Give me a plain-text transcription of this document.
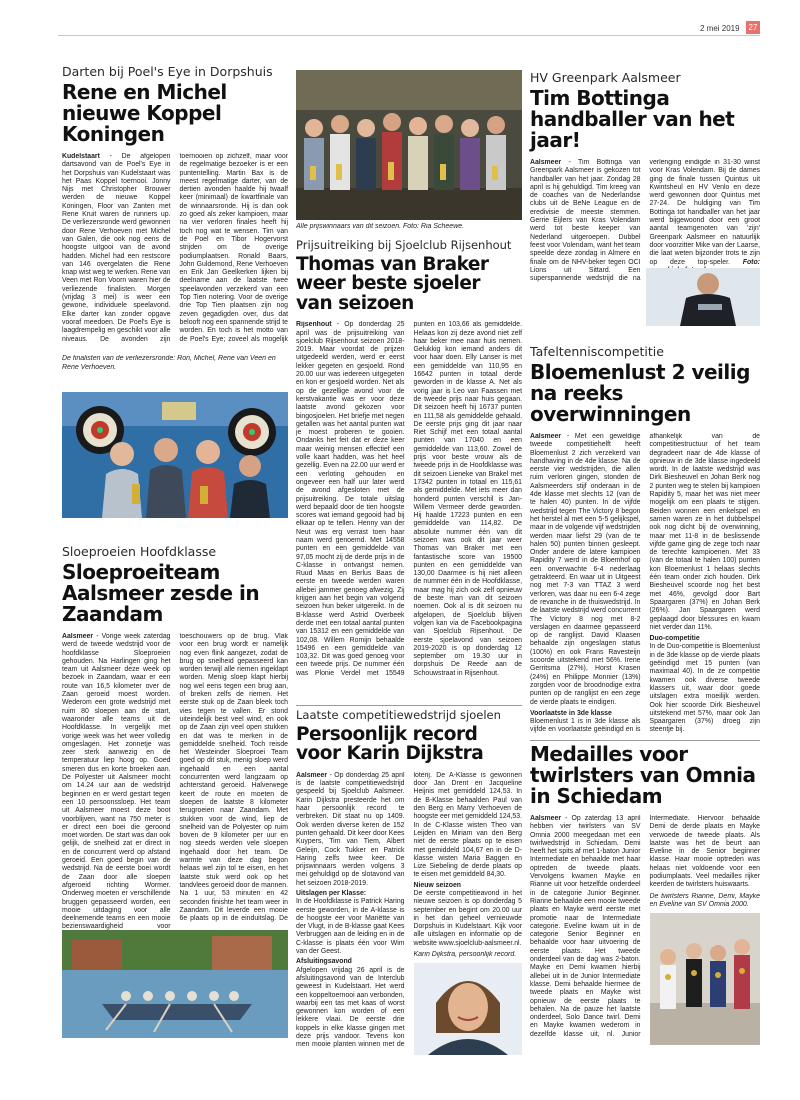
2 mei 2019	27
Darten bij Poel's Eye in Dorpshuis
Rene en Michel nieuwe Koppel Koningen
Kudelstaart - De afgelopen dartsavond van de Poel's Eye in het Dorpshuis van Kudelstaart was het Paas Koppel toernooi. Jonny Nijs met Christopher Brouwer werden de nieuwe Koppel Koningen, Floor van Zanten met Rene Kruit waren de runners up. De verliezersronde werd gewonnen door Rene Verhoeven met Michel van Galen, die ook nog eens de hoogste uitgooi van de avond hadden. Michel had een restscore van 146 overgelaten die Rene knap wist weg te werken. Rene van Veen met Ron Voorn waren hier de verliezende finalisten. Morgen (vrijdag 3 mei) is weer een gewone, individuele speelavond. Elke darter kan zonder opgave vooraf meedoen. De Poel's Eye is laagdrempelig en geschikt voor alle niveaus. De avonden zijn toernooien op zichzelf, maar voor de regelmatige bezoeker is er een puntentelling. Martin Bax is de meest regelmatige darter, van de dertien avonden haalde hij twaalf keer (minimaal) de kwartfinale van de winnaarsronde. Hij is dan ook zo goed als zeker kampioen, maar na vier verloren finales heeft hij toch nog wat te wensen. Tim van de Poel en Tibor Hogervorst strijden om de overige podiumplaatsen. Ronald Baars, John Guldemond, Rene Verhoeven en Erik Jan Geelkerken lijken bij deelname aan de laatste twee speelavonden verzekerd van een Top Tien notering. Voor de overige drie Top Tien plaatsen zijn nog zeven gegadigden over, dus dat belooft nog een spannende strijd te worden. En toch is het motto van de Poel's Eye; zoveel als mogelijk
De finalisten van de verliezersronde: Ron, Michel, Rene van Veen en Rene Verhoeven.
Alle prijswinnaars van dit seizoen. Foto: Ria Scheewe.
Prijsuitreiking bij Sjoelclub Rijsenhout
Thomas van Braker weer beste sjoeler van seizoen
Rijsenhout - Op donderdag 25 april was de prijsuitreiking van sjoelclub Rijsenhout seizoen 2018-2019. Maar voordat de prijzen uitgedeeld werden, werd er eerst lekker gegeten en gesjoeld. Rond 20.00 uur was iedereen uitgegeten en kon er gesjoeld worden. Net als op de gezellige avond voor de kerstvakantie was er voor deze laatste avond gekozen voor bingosjoelen. Het briefje met negen getallen was het aantal punten wat je moest proberen te gooien. Ondanks het feit dat er deze keer maar weinig mensen effectief een volle kaart hadden, was het heel gezellig. Even na 22.00 uur werd er een verloting gehouden en ongeveer een half uur later werd de avond afgesloten met de prijsuitreiking. De totale uitslag werd bepaald door de tien hoogste scores wat iemand gegooid had bij elkaar op te tellen. Henny van der Neut was erg verrast toen haar naam werd genoemd. Met 14558 punten en een gemiddelde van 97,05 mocht zij de derde prijs in de C-klasse in ontvangst nemen. Ruud Maas en Berlus Baas de eerste en tweede werden waren allebei jammer genoeg afwezig. Zij krijgen aan het begin van volgend seizoen hun beker uitgereikt. In de B-klasse werd Astrid Overbeek derde met een totaal aantal punten van 15312 en een gemiddelde van 102,08. Willem Romijn behaalde 15496 en een gemiddelde van 103,32. Dit was goed genoeg voor een tweede prijs. De nummer één was Plonie Verdel met 15549 punten en 103,66 als gemiddelde. Helaas kon zij deze avond niet zelf haar beker mee naar huis nemen. Gelukkig kon iemand anders dit voor haar doen. Elly Lanser is met een gemiddelde van 110,95 en 16642 punten in totaal derde geworden in de klasse A. Net als vorig jaar is Leo van Faassen met de tweede prijs naar huis gegaan. Dit seizoen heeft hij 16737 punten en 111,58 als gemiddelde gehaald. De eerste prijs ging dit jaar naar Riet Schijf met een totaal aantal punten van 17040 en een gemiddelde van 113,60. Zowel de prijs voor beste vrouw als de tweede prijs in de Hoofdklasse was dit seizoen Lieneke van Brakel met 17342 punten in totaal en 115,61 als gemiddelde. Met iets meer dan honderd punten verschil is Jan-Willem Vermeer derde geworden. Hij haalde 17223 punten en een gemiddelde van 114,82. De absolute nummer één van dit seizoen was ook dit jaar weer Thomas van Braker met een fantastische score van 19500 punten en een gemiddelde van 130,00 Daarmee is hij niet alleen de nummer één in de Hoofdklasse, maar mag hij zich ook zelf opnieuw de beste man van dit seizoen noemen. Ook al is dit seizoen nu afgelopen, de Sjoelclub blijven volgen kan via de Facebookpagina van Sjoelclub Rijsenhout. De eerste sjoelavond van seizoen 2019-2020 is op donderdag 12 september om 19.30 uur in dorpshuis De Reede aan de Schouwstraat in Rijsenhout.
HV Greenpark Aalsmeer
Tim Bottinga handballer van het jaar!
Aalsmeer - Tim Bottinga van Greenpark Aalsmeer is gekozen tot handballer van het jaar. Zondag 28 april is hij gehuldigd. Tim kreeg van de coaches van de Nederlandse clubs uit de BeNe League en de eredivisie de meeste stemmen. Gerrie Eijlers van Kras Volendam werd tot beste keeper van Nederland uitgeroepen. Dubbel feest voor Volendam, want het team speelde deze zondag in Almere en finale om de NHV-beker tegen OCI Lions uit Sittard. Een superspannende wedstrijd die na verlenging eindigde in 31-30 winst voor Kras Volendam. Bij de dames ging de finale tussen Quintus uit Kwintsheul en HV Venlo en deze werd gewonnen door Quintus met 27-24. De huldiging van Tim Bottinga tot handballer van het jaar werd bijgewoond door een groot aantal teamgenoten van 'zijn' Greenpark Aalsmeer en natuurlijk door voorzitter Mike van der Laarse, die laat weten bijzonder trots te zijn op deze top-speler. Foto:
Tafeltenniscompetitie
Bloemenlust 2 veilig na reeks overwinningen
Aalsmeer - Met een geweldige tweede competitiehelft heeft Bloemenlust 2 zich verzekerd van handhaving in de 4de klasse. Na de eerste vier wedstrijden, die allen ruim verloren gingen, stonden de Aalsmeerders stijf onderaan in de 4de klasse met slechts 12 (van de te halen 40) punten. In de vijfde wedstrijd tegen The Victory 8 begon het herstel al met een 5-5 gelijkspel, maar in de volgende vijf wedstrijden werden maar liefst 29 (van de te halen 50) punten binnen gesleept. Onder andere de latere kampioen Rapidity 7 werd in de Bloemhof op een onverwachte 6-4 nederlaag getrakteerd. En waar uit in Uitgeest nog met 7-3 van TTAZ 3 werd verloren, was daar nu een 6-4 zege de revanche in de thuiswedstrijd. In de laatste wedstrijd werd concurrent The Victory 8 nog met 8-2 verslagen en daarmee gepasseerd op de ranglijst. David Klaasen behaalde zijn ongeslagen status (100%) en ook Frans Ravesteijn scoorde uitstekend met 56%. Irene Gerritsma (27%), Horst Krasen (24%) en Philippe Monnier (13%) zorgden voor de broodnodige extra punten op de ranglijst en een zege de vierde plaats te eindigen.
Voorlaatste in 3de klasse
Bloemenlust 1 is in 3de klasse als vijfde en voorlaatste geëindigd en is afhankelijk van de competitiestructuur of het team degradeert naar de 4de klasse of opnieuw in de 3de klasse ingedeeld wordt. In de laatste wedstrijd was Dirk Biesheuvel en Johan Berk nog 2 punten weg te stelen bij kampioen Rapidity 5, maar het was niet meer mogelijk om een plaats te stijgen. Beiden wonnen een enkelspel en samen waren ze in het dubbelspel ook nog dicht bij de overwinning, maar met 11-8 in de beslissende vijfde game ging de zege toch naar de terechte kampioenen. Met 33 (van de totaal te halen 100) punten kon Bloemenlust 1 helaas slechts één team onder zich houden. Dirk Biesheuvel scoorde nog het best met 46%, gevolgd door Bart Spaargaren (37%) en Johan Berk (26%). Jan Spaargaren werd geplaagd door blessures en kwam niet verder dan 11%.
Duo-competitie
In de Duo-competitie is Bloemenlust in de 3de klasse op de vierde plaats geëindigd met 15 punten (van maximaal 40). In de ze competitie kwamen ook diverse tweede klassers uit, waar door goede uitslagen extra moeilijk werden. Ook hier scoorde Dirk Biesheuvel uitstekend met 57%, maar ook Jan Spaargaren (37%) droeg zijn steentje bij.
Sloeproeien Hoofdklasse
Sloeproeiteam Aalsmeer zesde in Zaandam
Aalsmeer - Vorige week zaterdag werd de tweede wedstrijd voor de hoofdklasse Sloeproeien gehouden. Na Harlingen ging het team uit Aalsmeer deze week op bezoek in Zaandam, waar er een route van 16,5 kilometer over de Zaan geroeid moest worden. Wederom een grote wedstrijd met ruim 80 sloepen aan de start, waaronder alle teams uit de Hoofdklasse. In vergelijk met vorige week was het weer volledig omgeslagen. Het zonnetje was zeer sterk aanwezig en de temperatuur liep hoog op. Goed smeren dus en korte broeken aan. De Polyester uit Aalsmeer mocht om 14.24 uur aan de wedstrijd beginnen en er werd gestart tegen een 10 persoonssloep. Het team uit Aalsmeer moest deze boot voorblijven, want na 750 meter is er direct een boei die geroond moet worden. De start was dan ook gelijk, de snelheid zat er direct in en de concurrent werd op afstand geroeid. Een goed begin van de wedstrijd. Na de eerste boei wordt de Zaan door alle sloepen afgeroeid richting Wormer. Onderweg moeten er verschillende bruggen gepasseerd worden, een mooie uitdaging voor alle deelnemende teams en een mooie bezienswaardigheid voor toeschouwers op de brug. Vlak voor een brug wordt er namelijk nog even flink aangezet, zodat de brug op snelheid gepasseerd kan worden terwijl alle riemen ingeklapt worden. Menig sloep klapt hierbij nog wel eens tegen een brug aan, of breken zelfs de riemen. Het eerste stuk op de Zaan bleek toch vies tegen te vallen. Er stond uiteindelijk best veel wind, en ook op de Zaan zijn veel open stukken en dat was te merken in de gemiddelde snelheid. Toch reisde het Westeinder Sloeproei Team goed op dit stuk, menig sloep werd ingehaald en een aantal concurrenten werd langzaam op achterstand geroeid. Halverwege keert de route en moeten de sloepen de laatste 8 kilometer terugroeien naar Zaandam. Met stukken voor de wind, liep de snelheid van de Polyester op ruim boven de 9 kilometer per uur en nog steeds werden vele sloepen ingehaald door het team. De warmte van deze dag begon helaas wel zijn tol te eisen, en het laatste stuk werd ook op het tandvlees geroeid door de mannen. Na 1 uur, 53 minuten en 42 seconden finishte het team weer in Zaandam. Dit leverde een mooie 6e plaats op in de einduitslag. De
Laatste competitiewedstrijd sjoelen
Persoonlijk record voor Karin Dijkstra
Aalsmeer - Op donderdag 25 april is de laatste competitiewedstrijd gespeeld bij Sjoelclub Aalsmeer. Karin Dijkstra presteerde het om haar persoonlijk record te verbreken. Dit staat nu op 1409. Ook werden diverse keren de 152 punten gehaald. Dit keer door Kees Kuypers, Tim van Tiem, Albert Geleijn, Cock Tukker en Patrick Haring zelfs twee keer. De prijswinnaars werden volgens 3 mei gehuldigd op de slotavond van het seizoen 2018-2019.
Uitslagen per Klasse:
In de Hoofdklasse is Patrick Haring eerste geworden, in de A-klasse is de hoogste eer voor Mariëtte van der Vlugt, in de B-klasse gaat Kees Verbruggen aan de leiding en in de C-klasse is plaats één voor Wim van der Geest.
Afsluitingsavond
Afgelopen vrijdag 26 april is de afsluitingsavond van de Interclub geweest in Kudelstaart. Het werd een koppeltoernooi aan verbonden, waarbij een tas met kaas of worst gewonnen kon worden of een lekkere vlaai. De eerste drie koppels in elke klasse gingen met deze prijs vandoor. Tevens kon men mooie planten winnen met de loterij. De A-Klasse is gewonnen door Jan Drent en Jacqueline Heijnis met gemiddeld 124,53. In de B-Klasse behaalden Paul van den Berg en Marry Verhoeven de hoogste eer met gemiddeld 124,53. In de C-Klasse wisten Theo van Leijden en Miriam van den Berg niet de eerste plaats op te eisen met gemiddeld 104,67 en in de D-klasse wisten Maria Baggen en Lize Siebeling de derde plaats op te eisen met gemiddeld 84,30.
Nieuw seizoen
De eerste competitieavond in het nieuwe seizoen is op donderdag 5 september en begint om 20.00 uur in het dan geheel vernieuwde Dorpshuis in Kudelstaart. Kijk voor alle uitslagen en informatie op de website www.sjoelclub-aalsmeer.nl.
Karin Dijkstra, persoonlijk record.
Medailles voor twirlsters van Omnia in Schiedam
Aalsmeer - Op zaterdag 13 april hebben vier twirlsters van SV Omnia 2000 meegedaan met een twirlwedstrijd in Schiedam. Demi heeft het spits af met 1-baton Junior Intermediate en behaalde met haar optreden de tweede plaats. Vervolgens kwamen Mayke en Rianne uit voor hetzelfde onderdeel in de categorie Junior Beginner. Rianne behaalde een mooie tweede plaats en Mayke werd eerste met promotie naar de Intermediate categorie. Eveline kwam uit in de categorie Senior Beginner en behaalde voor haar uitvoering de eerste plaats. Het tweede onderdeel van de dag was 2-baton. Mayke en Demi kwamen hierbij allebei uit in de Junior Intermediate klasse. Demi behaalde hiermee de tweede plaats en Mayke wist opnieuw de eerste plaats te behalen. Na de pauze het laatste onderdeel, Solo Dance twirl. Demi en Mayke kwamen wederom in dezelfde klasse uit, nl. Junior Intermediate. Hiervoor behaalde Demi de derde plaats en Mayke verwoede de tweede plaats. Als laatste was het de beurt aan Eveline in de Senior beginner klasse. Haar mooie optreden was helaas niet voldoende voor een podiumplaats. Veel medailles rijker keerden de twirlsters huiswaarts.
De twirlsters Rianne, Demi, Mayke en Eveline van SV Omnia 2000.
